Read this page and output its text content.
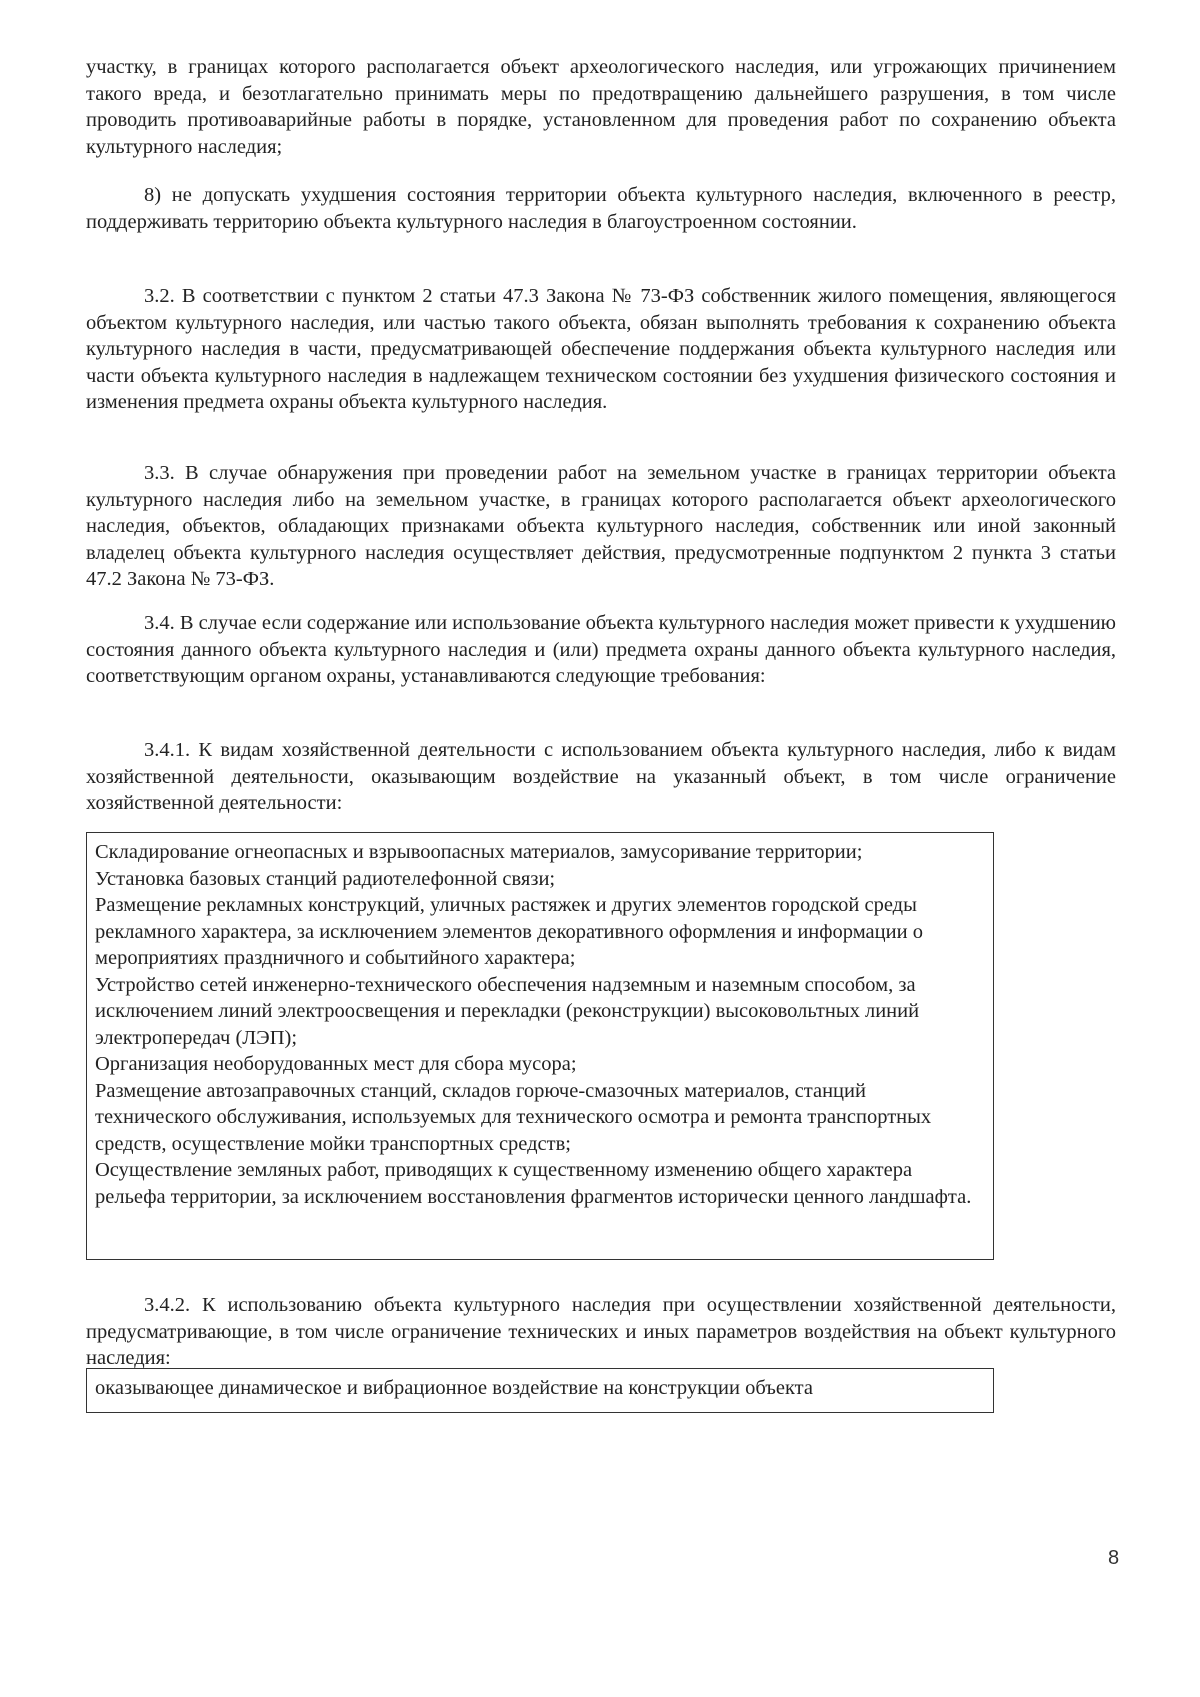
участку, в границах которого располагается объект археологического наследия, или угрожающих причинением такого вреда, и безотлагательно принимать меры по предотвращению дальнейшего разрушения, в том числе проводить противоаварийные работы в порядке, установленном для проведения работ по сохранению объекта культурного наследия;

8) не допускать ухудшения состояния территории объекта культурного наследия, включенного в реестр, поддерживать территорию объекта культурного наследия в благоустроенном состоянии.

3.2. В соответствии с пунктом 2 статьи 47.3 Закона № 73-ФЗ собственник жилого помещения, являющегося объектом культурного наследия, или частью такого объекта, обязан выполнять требования к сохранению объекта культурного наследия в части, предусматривающей обеспечение поддержания объекта культурного наследия или части объекта культурного наследия в надлежащем техническом состоянии без ухудшения физического состояния и изменения предмета охраны объекта культурного наследия.

3.3. В случае обнаружения при проведении работ на земельном участке в границах территории объекта культурного наследия либо на земельном участке, в границах которого располагается объект археологического наследия, объектов, обладающих признаками объекта культурного наследия, собственник или иной законный владелец объекта культурного наследия осуществляет действия, предусмотренные подпунктом 2 пункта 3 статьи 47.2 Закона № 73-ФЗ.

3.4. В случае если содержание или использование объекта культурного наследия может привести к ухудшению состояния данного объекта культурного наследия и (или) предмета охраны данного объекта культурного наследия, соответствующим органом охраны, устанавливаются следующие требования:

3.4.1. К видам хозяйственной деятельности с использованием объекта культурного наследия, либо к видам хозяйственной деятельности, оказывающим воздействие на указанный объект, в том числе ограничение хозяйственной деятельности:

Складирование огнеопасных и взрывоопасных материалов, замусоривание территории;
Установка базовых станций радиотелефонной связи;
Размещение рекламных конструкций, уличных растяжек и других элементов городской среды рекламного характера, за исключением элементов декоративного оформления и информации о мероприятиях праздничного и событийного характера;
Устройство сетей инженерно-технического обеспечения надземным и наземным способом, за исключением линий электроосвещения и перекладки (реконструкции) высоковольтных линий электропередач (ЛЭП);
Организация необорудованных мест для сбора мусора;
Размещение автозаправочных станций, складов горюче-смазочных материалов, станций технического обслуживания, используемых для технического осмотра и ремонта транспортных средств, осуществление мойки транспортных средств;
Осуществление земляных работ, приводящих к существенному изменению общего характера рельефа территории, за исключением восстановления фрагментов исторически ценного ландшафта.

3.4.2. К использованию объекта культурного наследия при осуществлении хозяйственной деятельности, предусматривающие, в том числе ограничение технических и иных параметров воздействия на объект культурного наследия:

оказывающее динамическое и вибрационное воздействие на конструкции объекта
8
